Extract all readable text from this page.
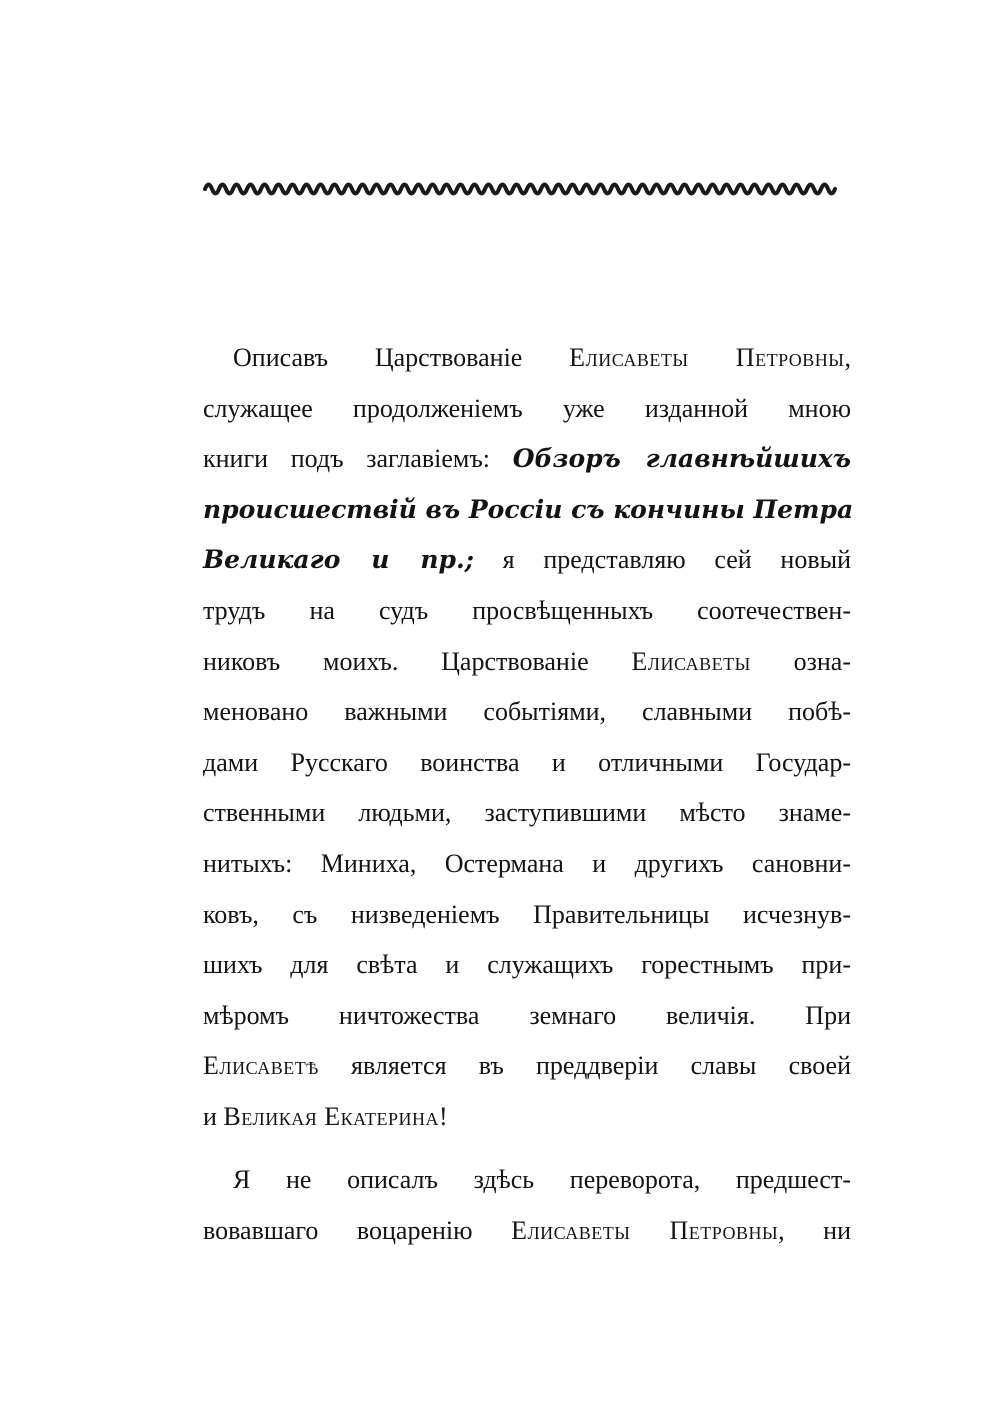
Описавъ Царствованіе Елисаветы Петровны,
служащее продолженіемъ уже изданной мною
книги подъ заглавіемъ: Обзоръ главнѣйшихъ
происшествій въ Россіи съ кончины Петра
Великаго и пр.; я представляю сей новый
трудъ на судъ просвѣщенныхъ соотечествен-
никовъ моихъ. Царствованіе Елисаветы озна-
меновано важными событіями, славными побѣ-
дами Русскаго воинства и отличными Государ-
ственными людьми, заступившими мѣсто знаме-
нитыхъ: Миниха, Остермана и другихъ сановни-
ковъ, съ низведеніемъ Правительницы исчезнув-
шихъ для свѣта и служащихъ горестнымъ при-
мѣромъ ничтожества земнаго величія. При
Елисаветѣ является въ преддверіи славы своей
и Великая Екатерина!
Я не описалъ здѣсь переворота, предшест-
вовавшаго воцаренію Елисаветы Петровны, ни
